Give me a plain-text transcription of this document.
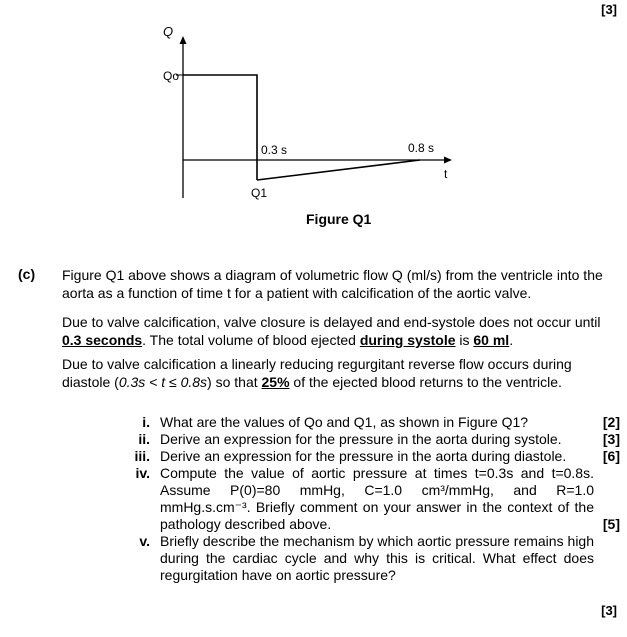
[3]
Q
Qo
0.3 s	0.8 s
t
Q1
Figure Q1
(c) Figure Q1 above shows a diagram of volumetric flow Q (ml/s) from the ventricle into the aorta as a function of time t for a patient with calcification of the aortic valve.
Due to valve calcification, valve closure is delayed and end-systole does not occur until 0.3 seconds. The total volume of blood ejected during systole is 60 ml.
Due to valve calcification a linearly reducing regurgitant reverse flow occurs during diastole (0.3s < t ≤ 0.8s) so that 25% of the ejected blood returns to the ventricle.
i. What are the values of Qo and Q1, as shown in Figure Q1?	[2]
ii. Derive an expression for the pressure in the aorta during systole.	[3]
iii. Derive an expression for the pressure in the aorta during diastole.	[6]
iv. Compute the value of aortic pressure at times t=0.3s and t=0.8s. Assume P(0)=80 mmHg, C=1.0 cm³/mmHg, and R=1.0 mmHg.s.cm⁻³. Briefly comment on your answer in the context of the pathology described above.	[5]
v. Briefly describe the mechanism by which aortic pressure remains high during the cardiac cycle and why this is critical. What effect does regurgitation have on aortic pressure?
[3]
